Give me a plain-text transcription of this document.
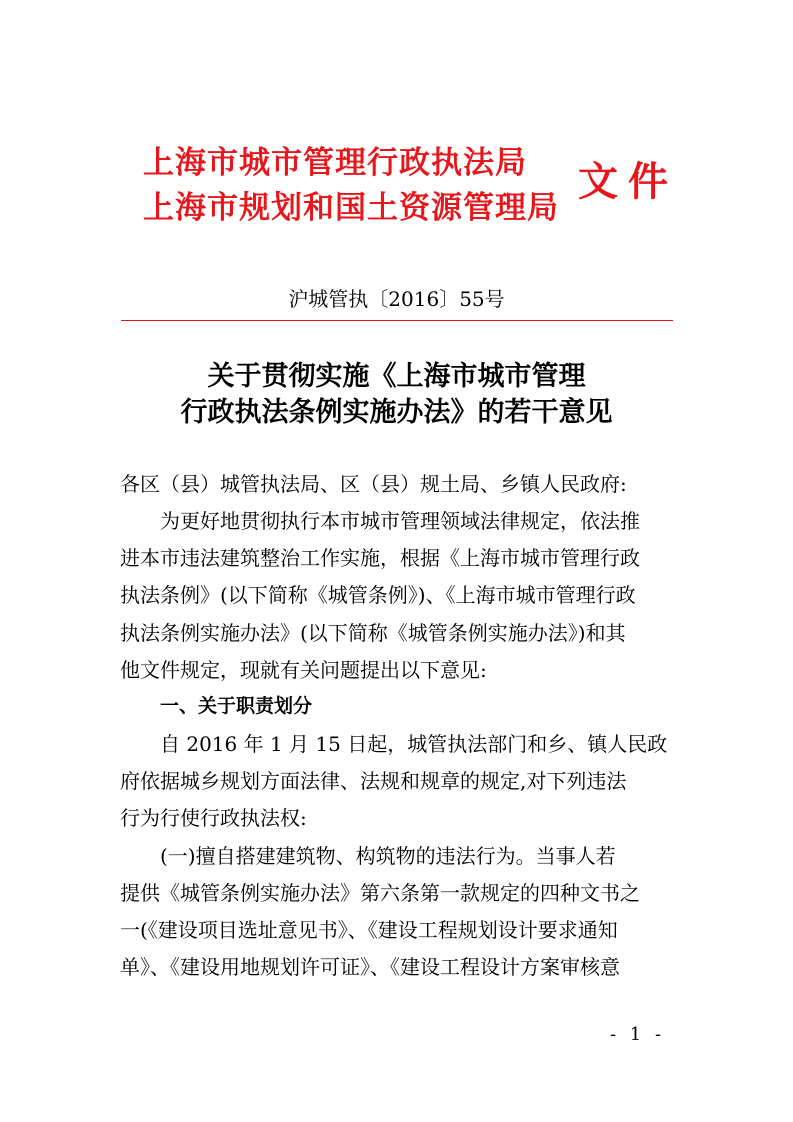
上海市城市管理行政执法局
上海市规划和国土资源管理局
文件
沪城管执〔2016〕55号
关于贯彻实施《上海市城市管理
行政执法条例实施办法》的若干意见
各区（县）城管执法局、区（县）规土局、乡镇人民政府:
为更好地贯彻执行本市城市管理领域法律规定，依法推
进本市违法建筑整治工作实施，根据《上海市城市管理行政
执法条例》(以下简称《城管条例》)、《上海市城市管理行政
执法条例实施办法》(以下简称《城管条例实施办法》)和其
他文件规定，现就有关问题提出以下意见:
一、关于职责划分
自 2016 年 1 月 15 日起，城管执法部门和乡、镇人民政
府依据城乡规划方面法律、法规和规章的规定,对下列违法
行为行使行政执法权:
(一)擅自搭建建筑物、构筑物的违法行为。当事人若
提供《城管条例实施办法》第六条第一款规定的四种文书之
一(《建设项目选址意见书》、《建设工程规划设计要求通知
单》、《建设用地规划许可证》、《建设工程设计方案审核意
- 1 -
